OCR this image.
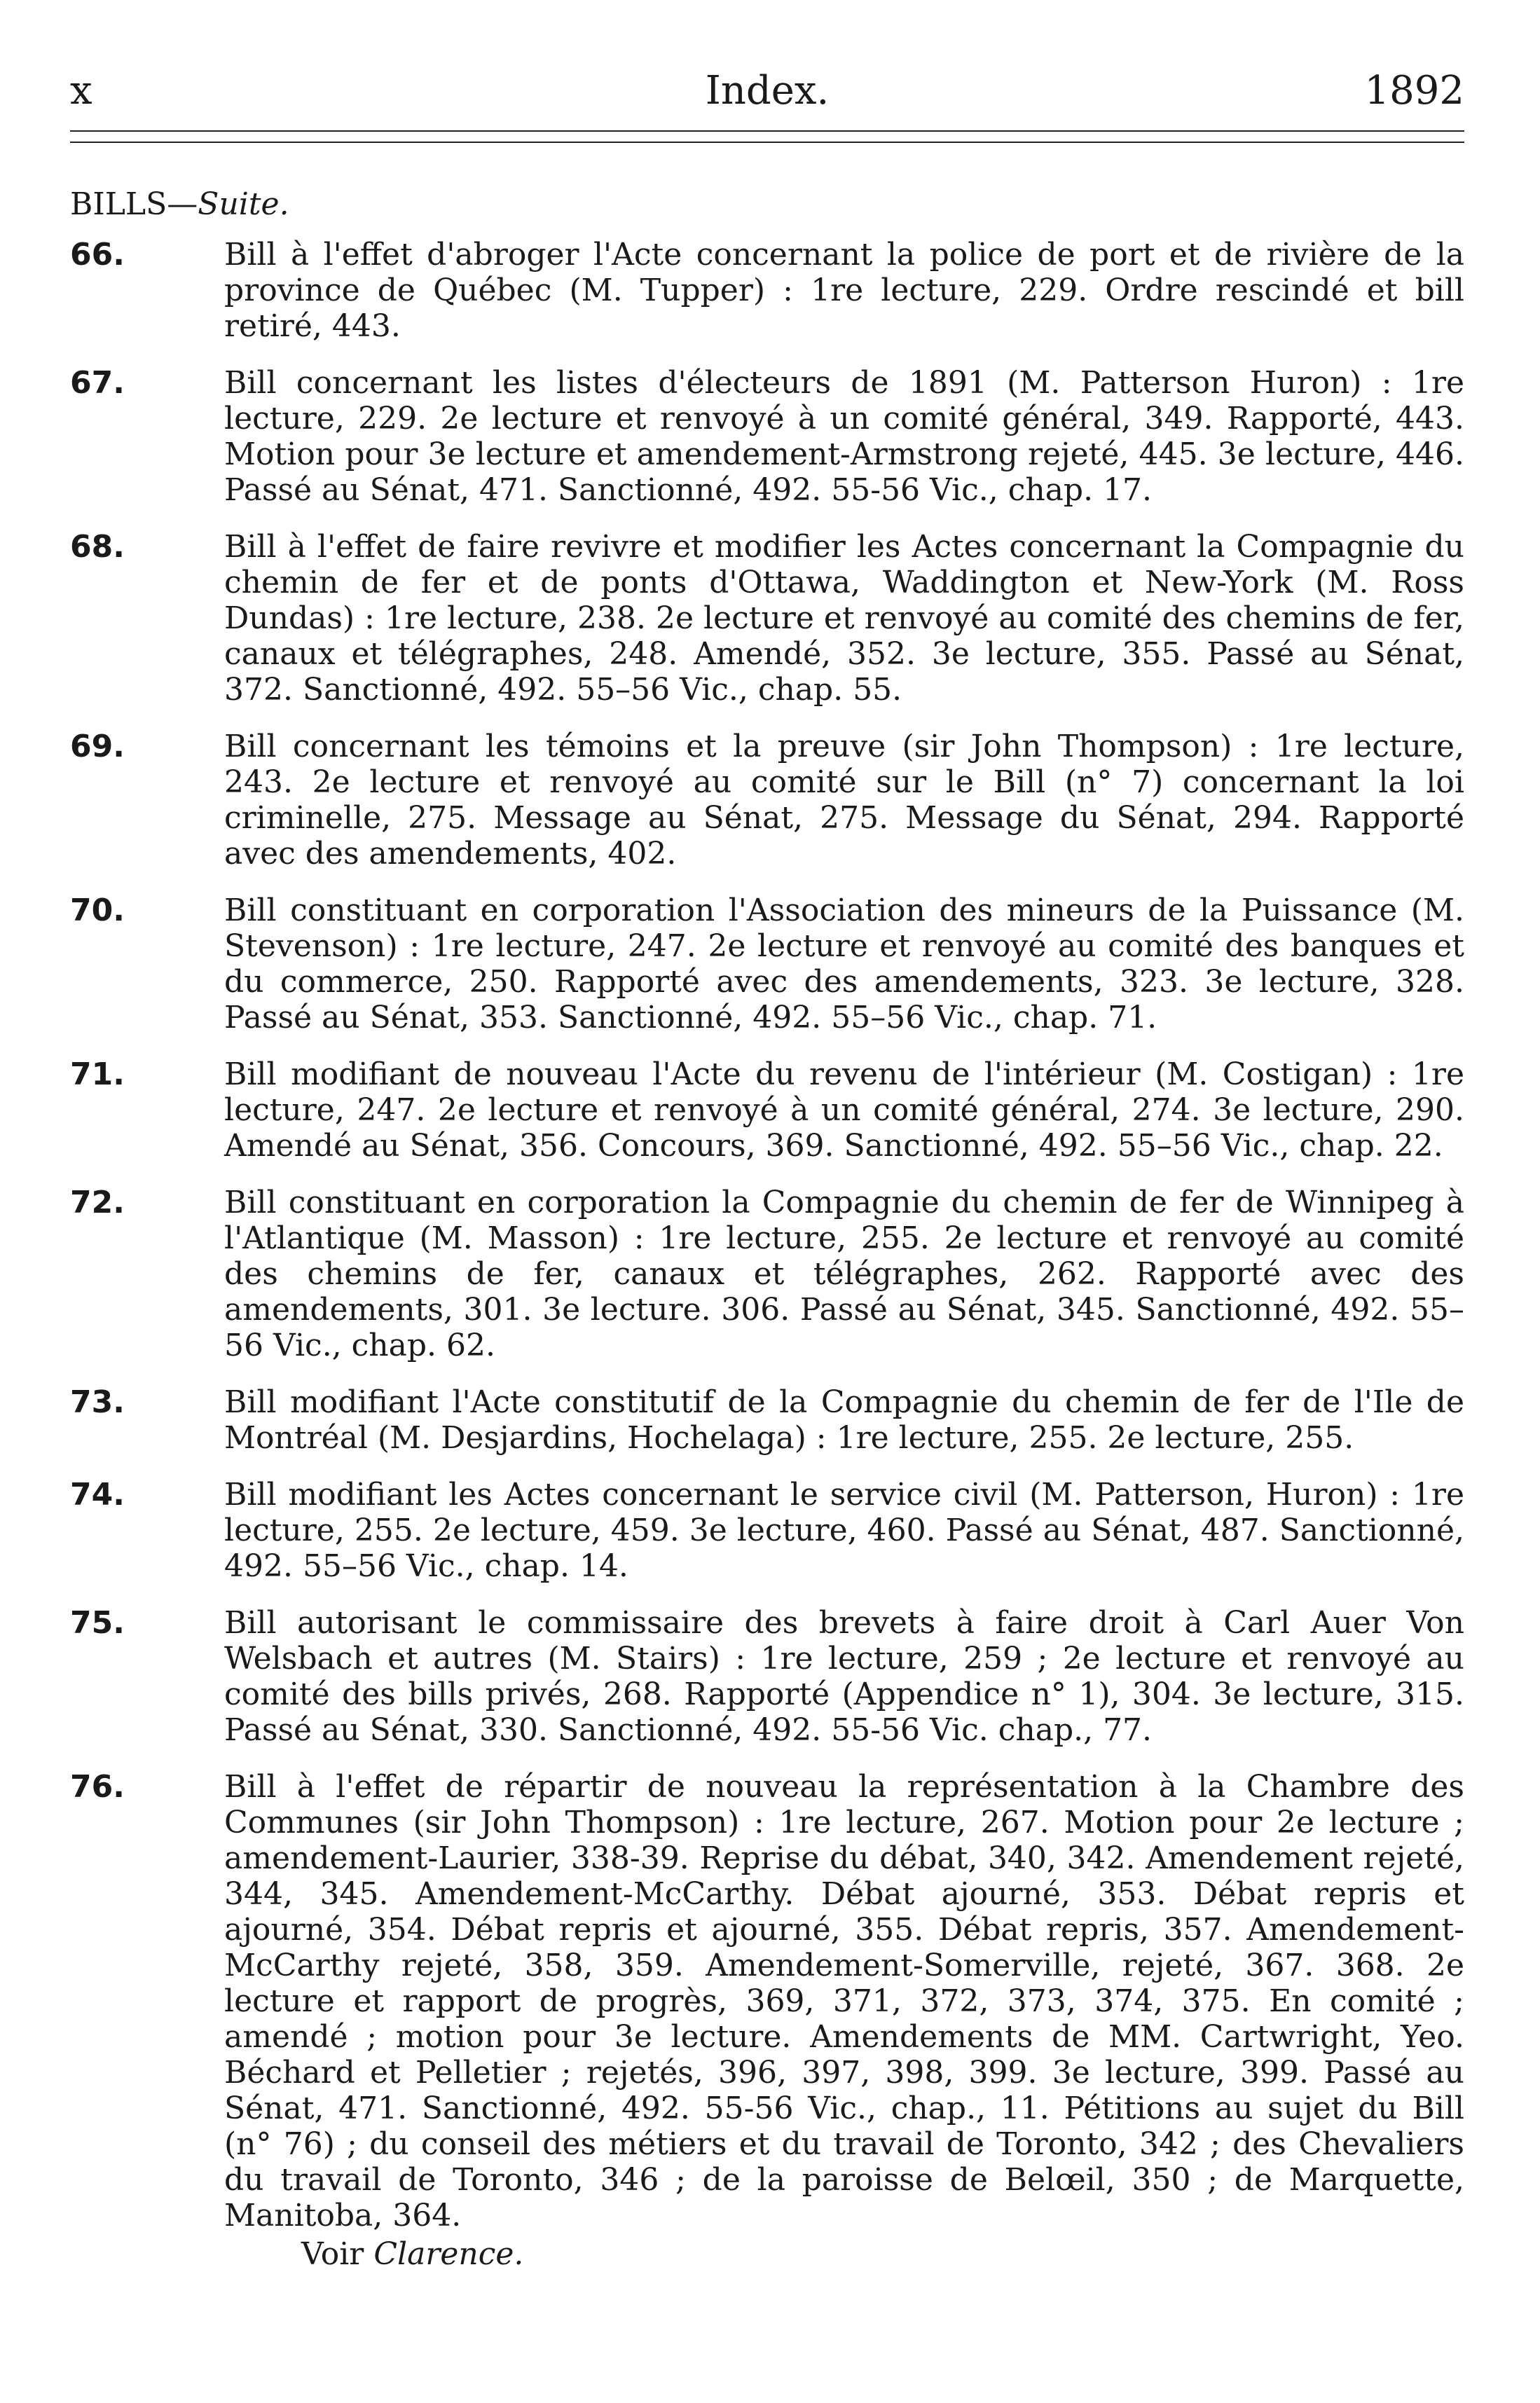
x	Index.	1892
BILLS—Suite.
66.	Bill à l'effet d'abroger l'Acte concernant la police de port et de rivière de la province de Québec (M. Tupper) : 1re lecture, 229. Ordre rescindé et bill retiré, 443.
67.	Bill concernant les listes d'électeurs de 1891 (M. Patterson Huron) : 1re lecture, 229. 2e lecture et renvoyé à un comité général, 349. Rapporté, 443. Motion pour 3e lecture et amendement-Armstrong rejeté, 445. 3e lecture, 446. Passé au Sénat, 471. Sanctionné, 492. 55-56 Vic., chap. 17.
68.	Bill à l'effet de faire revivre et modifier les Actes concernant la Compagnie du chemin de fer et de ponts d'Ottawa, Waddington et New-York (M. Ross Dundas) : 1re lecture, 238. 2e lecture et renvoyé au comité des chemins de fer, canaux et télégraphes, 248. Amendé, 352. 3e lecture, 355. Passé au Sénat, 372. Sanctionné, 492. 55–56 Vic., chap. 55.
69.	Bill concernant les témoins et la preuve (sir John Thompson) : 1re lecture, 243. 2e lecture et renvoyé au comité sur le Bill (n° 7) concernant la loi criminelle, 275. Message au Sénat, 275. Message du Sénat, 294. Rapporté avec des amendements, 402.
70.	Bill constituant en corporation l'Association des mineurs de la Puissance (M. Stevenson) : 1re lecture, 247. 2e lecture et renvoyé au comité des banques et du commerce, 250. Rapporté avec des amendements, 323. 3e lecture, 328. Passé au Sénat, 353. Sanctionné, 492. 55–56 Vic., chap. 71.
71.	Bill modifiant de nouveau l'Acte du revenu de l'intérieur (M. Costigan) : 1re lecture, 247. 2e lecture et renvoyé à un comité général, 274. 3e lecture, 290. Amendé au Sénat, 356. Concours, 369. Sanctionné, 492. 55–56 Vic., chap. 22.
72.	Bill constituant en corporation la Compagnie du chemin de fer de Winnipeg à l'Atlantique (M. Masson) : 1re lecture, 255. 2e lecture et renvoyé au comité des chemins de fer, canaux et télégraphes, 262. Rapporté avec des amendements, 301. 3e lecture. 306. Passé au Sénat, 345. Sanctionné, 492. 55–56 Vic., chap. 62.
73.	Bill modifiant l'Acte constitutif de la Compagnie du chemin de fer de l'Ile de Montréal (M. Desjardins, Hochelaga) : 1re lecture, 255. 2e lecture, 255.
74.	Bill modifiant les Actes concernant le service civil (M. Patterson, Huron) : 1re lecture, 255. 2e lecture, 459. 3e lecture, 460. Passé au Sénat, 487. Sanctionné, 492. 55–56 Vic., chap. 14.
75.	Bill autorisant le commissaire des brevets à faire droit à Carl Auer Von Welsbach et autres (M. Stairs) : 1re lecture, 259 ; 2e lecture et renvoyé au comité des bills privés, 268. Rapporté (Appendice n° 1), 304. 3e lecture, 315. Passé au Sénat, 330. Sanctionné, 492. 55-56 Vic. chap., 77.
76.	Bill à l'effet de répartir de nouveau la représentation à la Chambre des Communes (sir John Thompson) : 1re lecture, 267. Motion pour 2e lecture ; amendement-Laurier, 338-39. Reprise du débat, 340, 342. Amendement rejeté, 344, 345. Amendement-McCarthy. Débat ajourné, 353. Débat repris et ajourné, 354. Débat repris et ajourné, 355. Débat repris, 357. Amendement-McCarthy rejeté, 358, 359. Amendement-Somerville, rejeté, 367. 368. 2e lecture et rapport de progrès, 369, 371, 372, 373, 374, 375. En comité ; amendé ; motion pour 3e lecture. Amendements de MM. Cartwright, Yeo. Béchard et Pelletier ; rejetés, 396, 397, 398, 399. 3e lecture, 399. Passé au Sénat, 471. Sanctionné, 492. 55-56 Vic., chap., 11. Pétitions au sujet du Bill (n° 76) ; du conseil des métiers et du travail de Toronto, 342 ; des Chevaliers du travail de Toronto, 346 ; de la paroisse de Belœil, 350 ; de Marquette, Manitoba, 364.
Voir Clarence.
